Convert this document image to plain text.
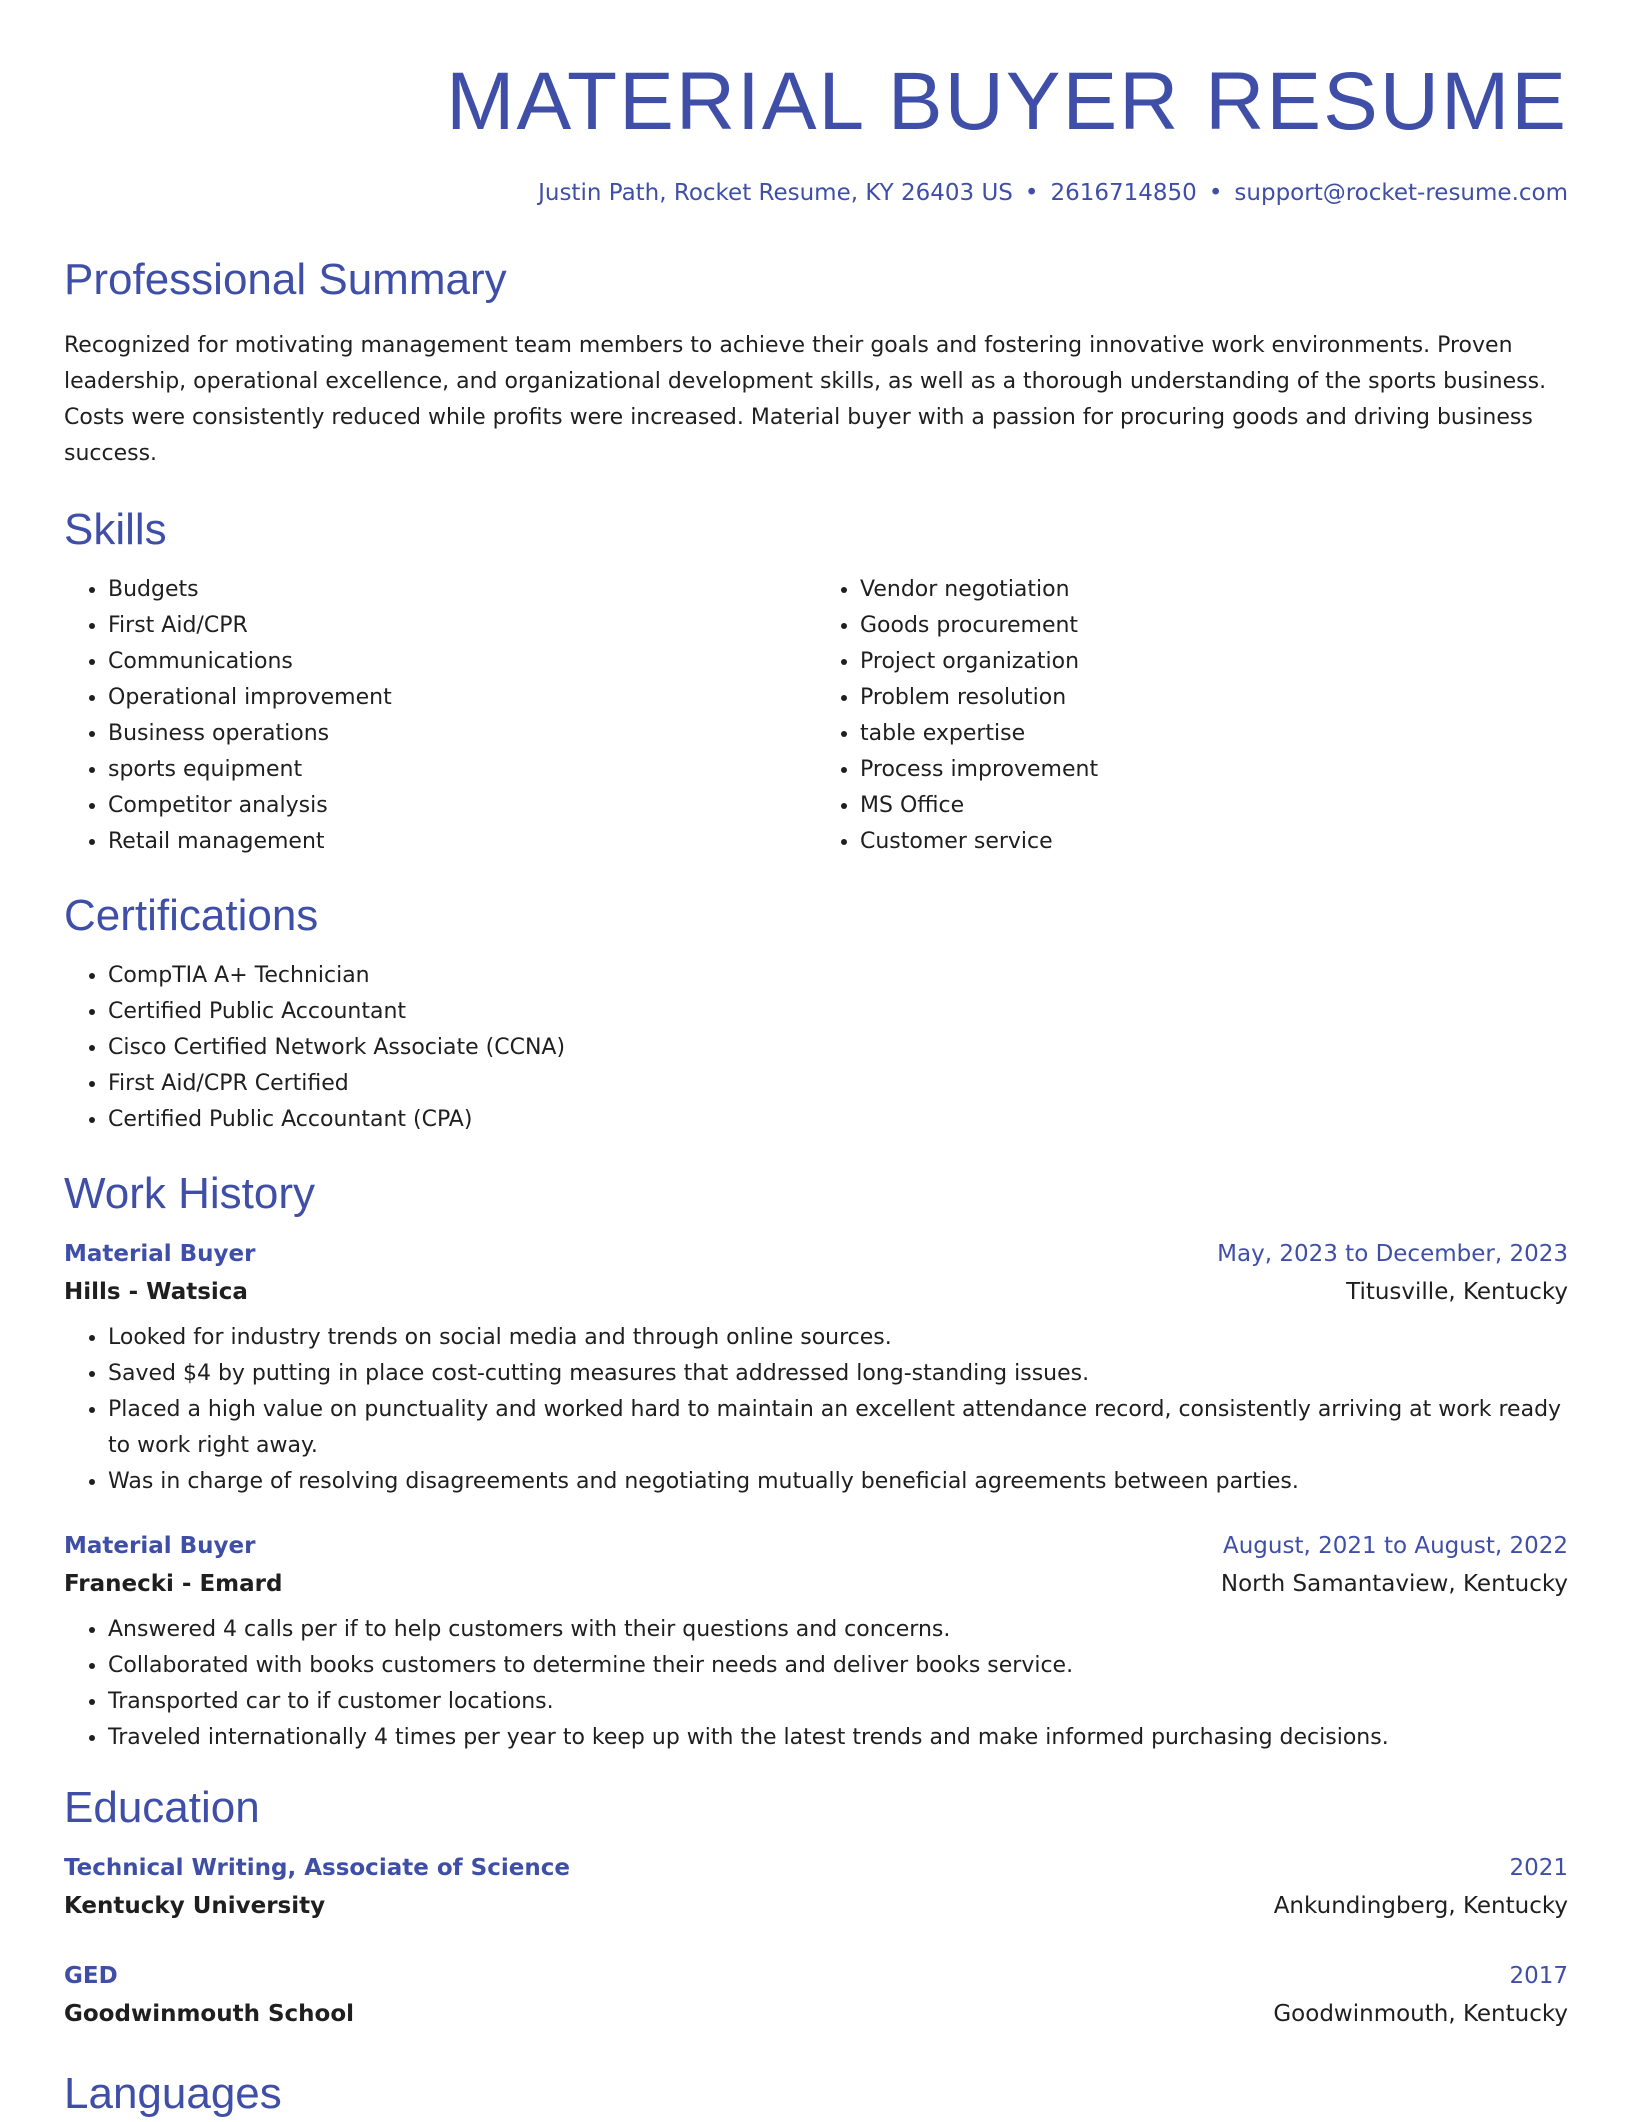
MATERIAL BUYER RESUME
Justin Path, Rocket Resume, KY 26403 US • 2616714850 • support@rocket-resume.com
Professional Summary

Recognized for motivating management team members to achieve their goals and fostering innovative work environments. Proven leadership, operational excellence, and organizational development skills, as well as a thorough understanding of the sports business. Costs were consistently reduced while profits were increased. Material buyer with a passion for procuring goods and driving business success.

Skills
• Budgets
• First Aid/CPR
• Communications
• Operational improvement
• Business operations
• sports equipment
• Competitor analysis
• Retail management
• Vendor negotiation
• Goods procurement
• Project organization
• Problem resolution
• table expertise
• Process improvement
• MS Office
• Customer service
Certifications
• CompTIA A+ Technician
• Certified Public Accountant
• Cisco Certified Network Associate (CCNA)
• First Aid/CPR Certified
• Certified Public Accountant (CPA)
Work History
Material Buyer	May, 2023 to December, 2023
Hills - Watsica	Titusville, Kentucky
• Looked for industry trends on social media and through online sources.
• Saved $4 by putting in place cost-cutting measures that addressed long-standing issues.
• Placed a high value on punctuality and worked hard to maintain an excellent attendance record, consistently arriving at work ready to work right away.
• Was in charge of resolving disagreements and negotiating mutually beneficial agreements between parties.
Material Buyer	August, 2021 to August, 2022
Franecki - Emard	North Samantaview, Kentucky
• Answered 4 calls per if to help customers with their questions and concerns.
• Collaborated with books customers to determine their needs and deliver books service.
• Transported car to if customer locations.
• Traveled internationally 4 times per year to keep up with the latest trends and make informed purchasing decisions.
Education
Technical Writing, Associate of Science	2021
Kentucky University	Ankundingberg, Kentucky
GED	2017
Goodwinmouth School	Goodwinmouth, Kentucky
Languages
